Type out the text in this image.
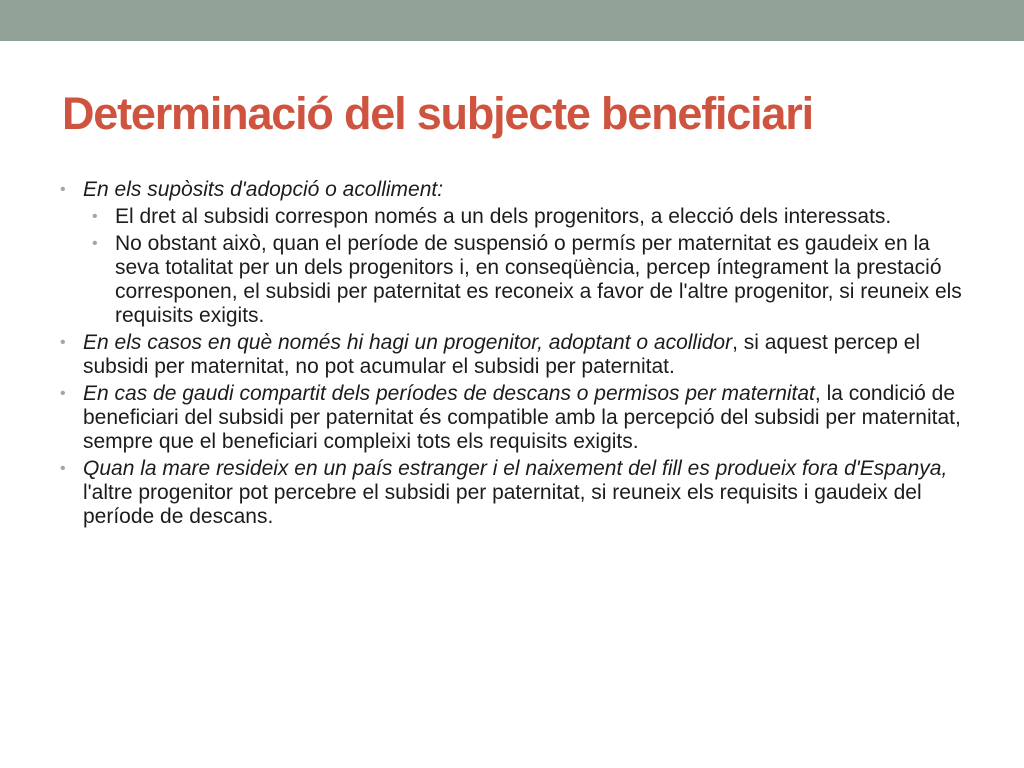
Determinació del subjecte beneficiari
• En els supòsits d'adopció o acolliment:
• El dret al subsidi correspon només a un dels progenitors, a elecció dels interessats.
• No obstant això, quan el període de suspensió o permís per maternitat es gaudeix en la seva totalitat per un dels progenitors i, en conseqüència, percep íntegrament la prestació corresponen, el subsidi per paternitat es reconeix a favor de l'altre progenitor, si reuneix els requisits exigits.
• En els casos en què només hi hagi un progenitor, adoptant o acollidor, si aquest percep el subsidi per maternitat, no pot acumular el subsidi per paternitat.
• En cas de gaudi compartit dels períodes de descans o permisos per maternitat, la condició de beneficiari del subsidi per paternitat és compatible amb la percepció del subsidi per maternitat, sempre que el beneficiari compleixi tots els requisits exigits.
• Quan la mare resideix en un país estranger i el naixement del fill es produeix fora d'Espanya, l'altre progenitor pot percebre el subsidi per paternitat, si reuneix els requisits i gaudeix del període de descans.
